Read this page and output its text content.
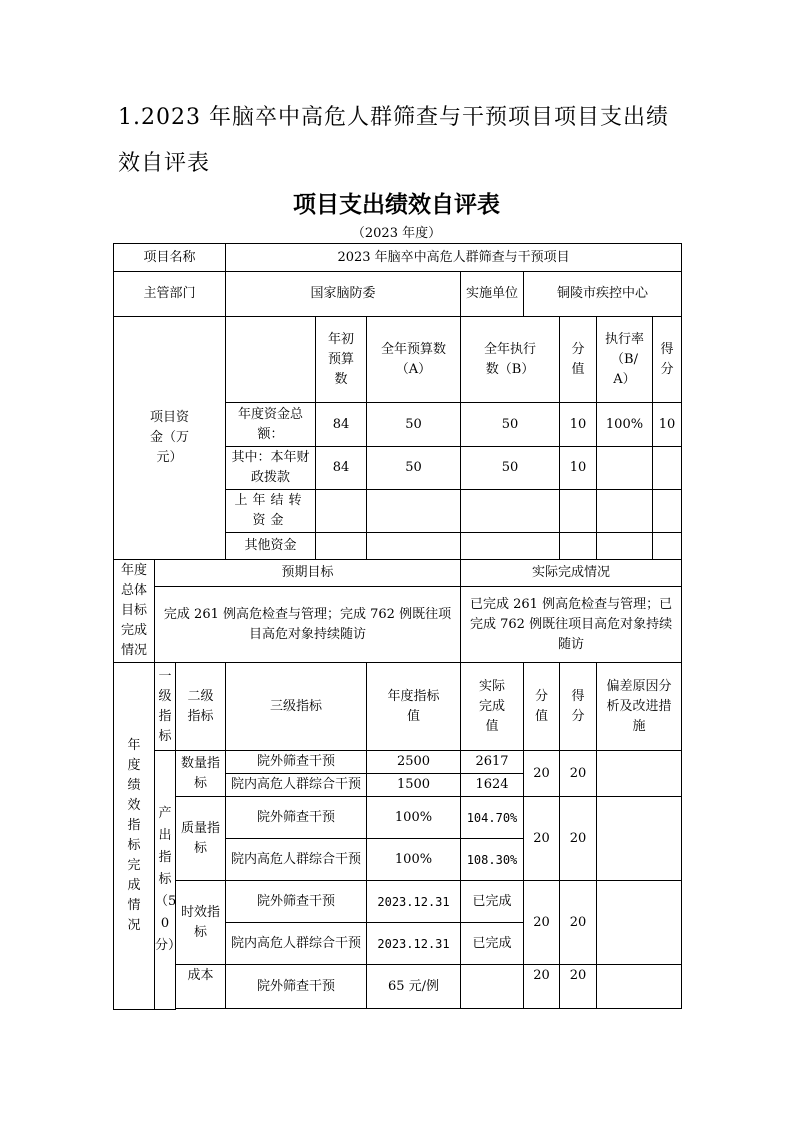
1.2023 年脑卒中高危人群筛查与干预项目项目支出绩效自评表
项目支出绩效自评表
（2023 年度）
项目名称			2023 年脑卒中高危人群筛查与干预项目							
主管部门			国家脑防委			实施单位	铜陵市疾控中心			
项目资金（万元）				年初预算数	全年预算数（A）	全年执行数（B）		分值	执行率（B/A）	得分
			年度资金总额：	84	50	50		10	100%	10
			其中：本年财政拨款	84	50	50		10		
			上年结转资金							
			其他资金							
年度总体目标完成情况	预期目标					实际完成情况				
	完成 261 例高危检查与管理；完成 762 例既往项目高危对象持续随访					已完成 261 例高危检查与管理；已完成 762 例既往项目高危对象持续随访				
年度绩效指标完成情况	一级指标	二级指标	三级指标		年度指标值	实际完成值	分值	得分	偏差原因分析及改进措施	
	产出指标（50分）	数量指标	院外筛查干预		2500	2617	20	20		
			院内高危人群综合干预		1500	1624				
		质量指标	院外筛查干预		100%	104.70%	20	20		
			院内高危人群综合干预		100%	108.30%				
		时效指标	院外筛查干预		2023.12.31	已完成	20	20		
			院内高危人群综合干预		2023.12.31	已完成				
		成本	院外筛查干预		65 元/例		20	20		
